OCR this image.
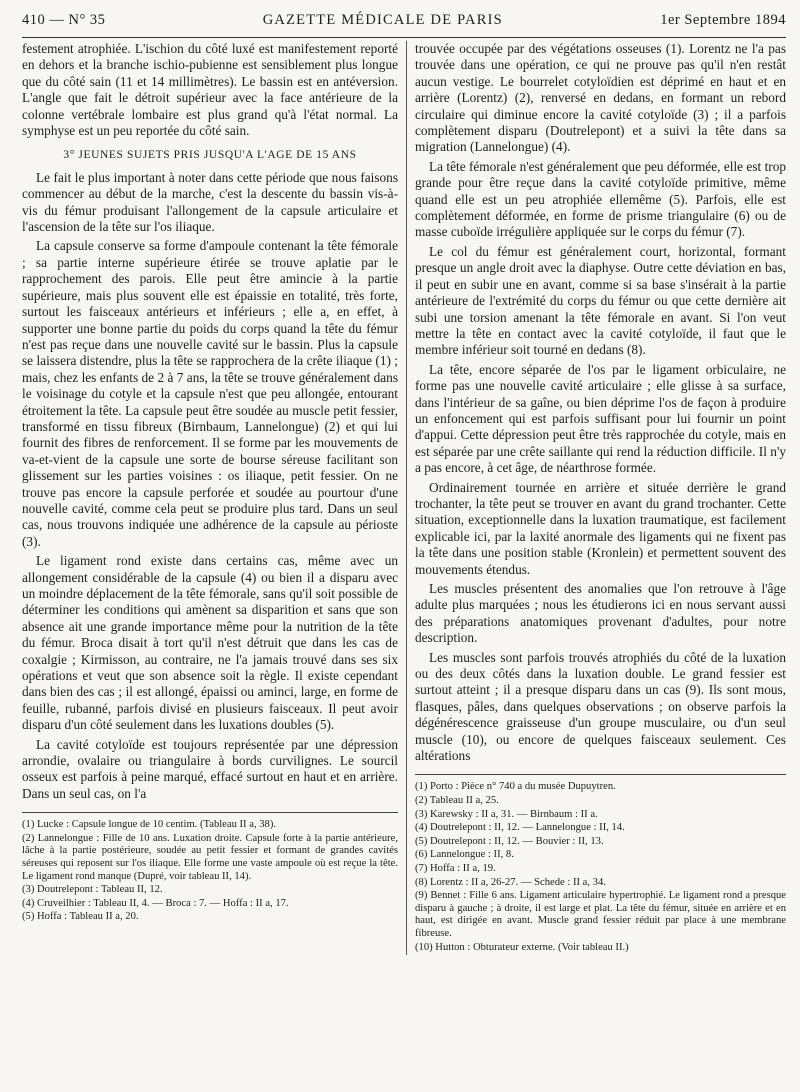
410 — N° 35	GAZETTE MÉDICALE DE PARIS	1er Septembre 1894

festement atrophiée. L'ischion du côté luxé est manifestement reporté en dehors et la branche ischio-pubienne est sensiblement plus longue que du côté sain (11 et 14 millimètres). Le bassin est en antéversion. L'angle que fait le détroit supérieur avec la face antérieure de la colonne vertébrale lombaire est plus grand qu'à l'état normal. La symphyse est un peu reportée du côté sain.

3° JEUNES SUJETS PRIS JUSQU'A L'AGE DE 15 ANS

Le fait le plus important à noter dans cette période que nous faisons commencer au début de la marche, c'est la descente du bassin vis-à-vis du fémur produisant l'allongement de la capsule articulaire et l'ascension de la tête sur l'os iliaque.

La capsule conserve sa forme d'ampoule contenant la tête fémorale ; sa partie interne supérieure étirée se trouve aplatie par le rapprochement des parois. Elle peut être amincie à la partie supérieure, mais plus souvent elle est épaissie en totalité, très forte, surtout les faisceaux antérieurs et inférieurs ; elle a, en effet, à supporter une bonne partie du poids du corps quand la tête du fémur n'est pas reçue dans une nouvelle cavité sur le bassin. Plus la capsule se laissera distendre, plus la tête se rapprochera de la crête iliaque (1) ; mais, chez les enfants de 2 à 7 ans, la tête se trouve généralement dans le voisinage du cotyle et la capsule n'est que peu allongée, entourant étroitement la tête. La capsule peut être soudée au muscle petit fessier, transformé en tissu fibreux (Birnbaum, Lannelongue) (2) et qui lui fournit des fibres de renforcement. Il se forme par les mouvements de va-et-vient de la capsule une sorte de bourse séreuse facilitant son glissement sur les parties voisines : os iliaque, petit fessier. On ne trouve pas encore la capsule perforée et soudée au pourtour d'une nouvelle cavité, comme cela peut se produire plus tard. Dans un seul cas, nous trouvons indiquée une adhérence de la capsule au périoste (3).

Le ligament rond existe dans certains cas, même avec un allongement considérable de la capsule (4) ou bien il a disparu avec un moindre déplacement de la tête fémorale, sans qu'il soit possible de déterminer les conditions qui amènent sa disparition et sans que son absence ait une grande importance même pour la nutrition de la tête du fémur. Broca disait à tort qu'il n'est détruit que dans les cas de coxalgie ; Kirmisson, au contraire, ne l'a jamais trouvé dans ses six opérations et veut que son absence soit la règle. Il existe cependant dans bien des cas ; il est allongé, épaissi ou aminci, large, en forme de feuille, rubanné, parfois divisé en plusieurs faisceaux. Il peut avoir disparu d'un côté seulement dans les luxations doubles (5).

La cavité cotyloïde est toujours représentée par une dépression arrondie, ovalaire ou triangulaire à bords curvilignes. Le sourcil osseux est parfois à peine marqué, effacé surtout en haut et en arrière. Dans un seul cas, on l'a

(1) Lucke : Capsule longue de 10 centim. (Tableau II a, 38).

(2) Lannelongue : Fille de 10 ans. Luxation droite. Capsule forte à la partie antérieure, lâche à la partie postérieure, soudée au petit fessier et formant de grandes cavités séreuses qui reposent sur l'os iliaque. Elle forme une vaste ampoule où est reçue la tête. Le ligament rond manque (Dupré, voir tableau II, 14).

(3) Doutrelepont : Tableau II, 12.

(4) Cruveilhier : Tableau II, 4. — Broca : 7. — Hoffa : II a, 17.

(5) Hoffa : Tableau II a, 20.

trouvée occupée par des végétations osseuses (1). Lorentz ne l'a pas trouvée dans une opération, ce qui ne prouve pas qu'il n'en restât aucun vestige. Le bourrelet cotyloïdien est déprimé en haut et en arrière (Lorentz) (2), renversé en dedans, en formant un rebord circulaire qui diminue encore la cavité cotyloïde (3) ; il a parfois complètement disparu (Doutrelepont) et a suivi la tête dans sa migration (Lannelongue) (4).

La tête fémorale n'est généralement que peu déformée, elle est trop grande pour être reçue dans la cavité cotyloïde primitive, même quand elle est un peu atrophiée ellemême (5). Parfois, elle est complètement déformée, en forme de prisme triangulaire (6) ou de masse cuboïde irrégulière appliquée sur le corps du fémur (7).

Le col du fémur est généralement court, horizontal, formant presque un angle droit avec la diaphyse. Outre cette déviation en bas, il peut en subir une en avant, comme si sa base s'insérait à la partie antérieure de l'extrémité du corps du fémur ou que cette dernière ait subi une torsion amenant la tête fémorale en avant. Si l'on veut mettre la tête en contact avec la cavité cotyloïde, il faut que le membre inférieur soit tourné en dedans (8).

La tête, encore séparée de l'os par le ligament orbiculaire, ne forme pas une nouvelle cavité articulaire ; elle glisse à sa surface, dans l'intérieur de sa gaîne, ou bien déprime l'os de façon à produire un enfoncement qui est parfois suffisant pour lui fournir un point d'appui. Cette dépression peut être très rapprochée du cotyle, mais en est séparée par une crête saillante qui rend la réduction difficile. Il n'y a pas encore, à cet âge, de néarthrose formée.

Ordinairement tournée en arrière et située derrière le grand trochanter, la tête peut se trouver en avant du grand trochanter. Cette situation, exceptionnelle dans la luxation traumatique, est facilement explicable ici, par la laxité anormale des ligaments qui ne fixent pas la tête dans une position stable (Kronlein) et permettent souvent des mouvements étendus.

Les muscles présentent des anomalies que l'on retrouve à l'âge adulte plus marquées ; nous les étudierons ici en nous servant aussi des préparations anatomiques provenant d'adultes, pour notre description.

Les muscles sont parfois trouvés atrophiés du côté de la luxation ou des deux côtés dans la luxation double. Le grand fessier est surtout atteint ; il a presque disparu dans un cas (9). Ils sont mous, flasques, pâles, dans quelques observations ; on observe parfois la dégénérescence graisseuse d'un groupe musculaire, ou d'un seul muscle (10), ou encore de quelques faisceaux seulement. Ces altérations

(1) Porto : Pièce n° 740 a du musée Dupuytren.

(2) Tableau II a, 25.

(3) Karewsky : II a, 31. — Birnbaum : II a.

(4) Doutrelepont : II, 12. — Lannelongue : II, 14.

(5) Doutrelepont : II, 12. — Bouvier : II, 13.

(6) Lannelongue : II, 8.

(7) Hoffa : II a, 19.

(8) Lorentz : II a, 26-27. — Schede : II a, 34.

(9) Bennet : Fille 6 ans. Ligament articulaire hypertrophié. Le ligament rond a presque disparu à gauche ; à droite, il est large et plat. La tête du fémur, située en arrière et en haut, est dirigée en avant. Muscle grand fessier réduit par place à une membrane fibreuse.

(10) Hutton : Obturateur externe. (Voir tableau II.)
